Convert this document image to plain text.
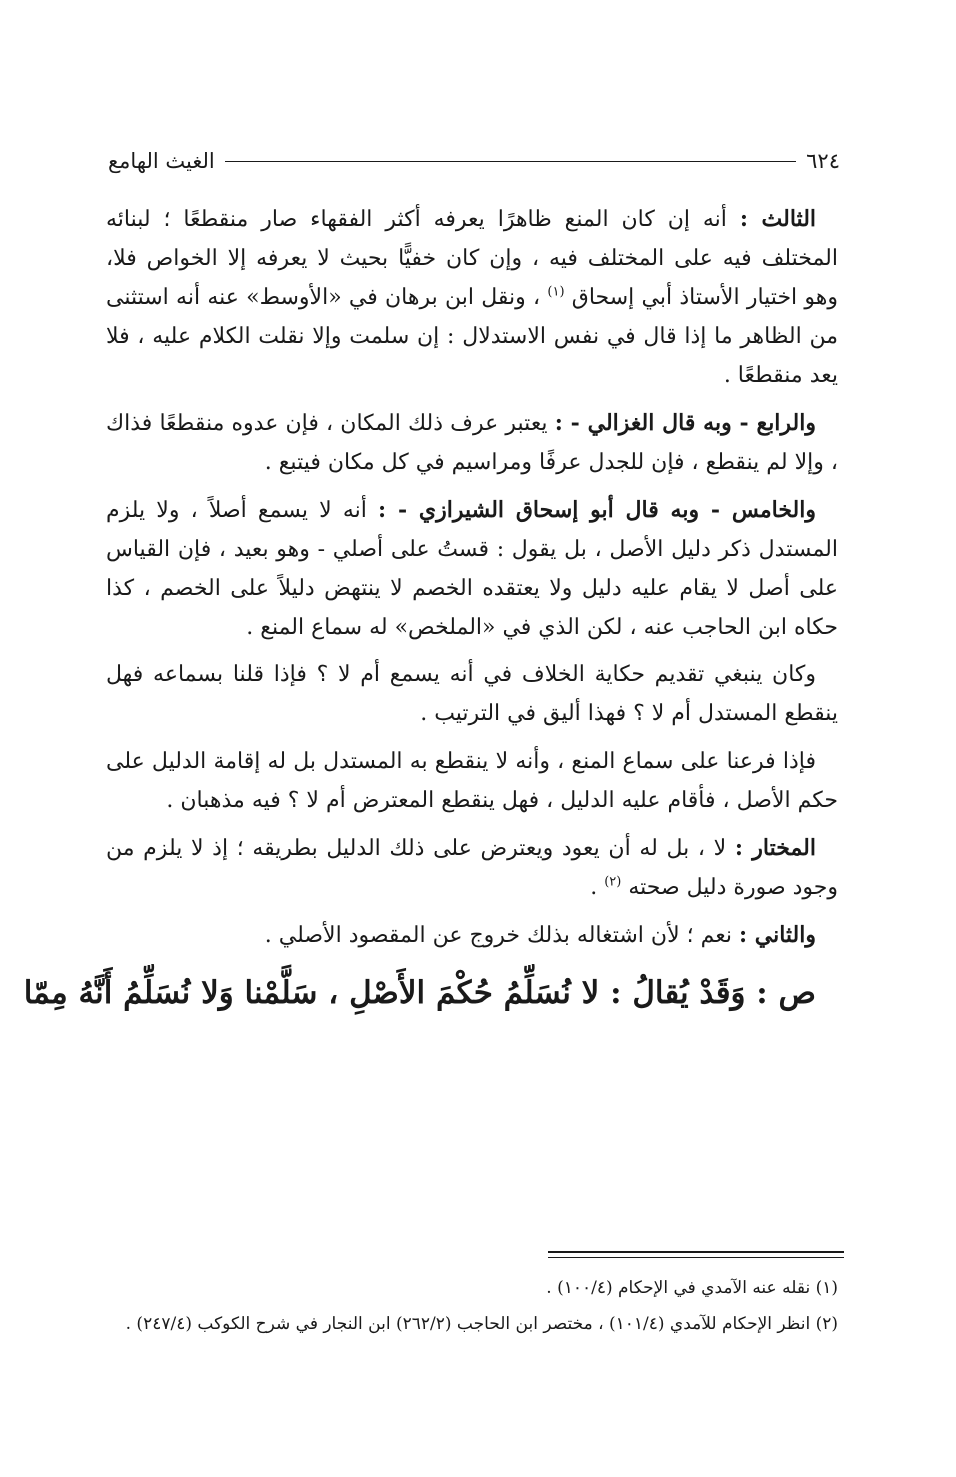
الغيث الهامع	٦٢٤

الثالث : أنه إن كان المنع ظاهرًا يعرفه أكثر الفقهاء صار منقطعًا ؛ لبنائه المختلف فيه على المختلف فيه ، وإن كان خفيًّا بحيث لا يعرفه إلا الخواص فلا، وهو اختيار الأستاذ أبي إسحاق $^{(١)}$ ، ونقل ابن برهان في «الأوسط» عنه أنه استثنى من الظاهر ما إذا قال في نفس الاستدلال : إن سلمت وإلا نقلت الكلام عليه ، فلا يعد منقطعًا .

والرابع - وبه قال الغزالي - : يعتبر عرف ذلك المكان ، فإن عدوه منقطعًا فذاك ، وإلا لم ينقطع ، فإن للجدل عرفًا ومراسيم في كل مكان فيتبع .

والخامس - وبه قال أبو إسحاق الشيرازي - : أنه لا يسمع أصلاً ، ولا يلزم المستدل ذكر دليل الأصل ، بل يقول : قستُ على أصلي - وهو بعيد ، فإن القياس على أصل لا يقام عليه دليل ولا يعتقده الخصم لا ينتهض دليلاً على الخصم ، كذا حكاه ابن الحاجب عنه ، لكن الذي في «الملخص» له سماع المنع .

وكان ينبغي تقديم حكاية الخلاف في أنه يسمع أم لا ؟ فإذا قلنا بسماعه فهل ينقطع المستدل أم لا ؟ فهذا أليق في الترتيب .

فإذا فرعنا على سماع المنع ، وأنه لا ينقطع به المستدل بل له إقامة الدليل على حكم الأصل ، فأقام عليه الدليل ، فهل ينقطع المعترض أم لا ؟ فيه مذهبان .

المختار : لا ، بل له أن يعود ويعترض على ذلك الدليل بطريقه ؛ إذ لا يلزم من وجود صورة دليل صحته $^{(٢)}$ .

والثاني : نعم ؛ لأن اشتغاله بذلك خروج عن المقصود الأصلي .

ص : وَقَدْ يُقالُ : لا نُسَلِّمُ حُكْمَ الأَصْلِ ، سَلَّمْنا وَلا نُسَلِّمُ أَنَّهُ مِمّا

(١) نقله عنه الآمدي في الإحكام (١٠٠/٤) .

(٢) انظر الإحكام للآمدي (١٠١/٤) ، مختصر ابن الحاجب (٢٦٢/٢) ابن النجار في شرح الكوكب (٢٤٧/٤) .
